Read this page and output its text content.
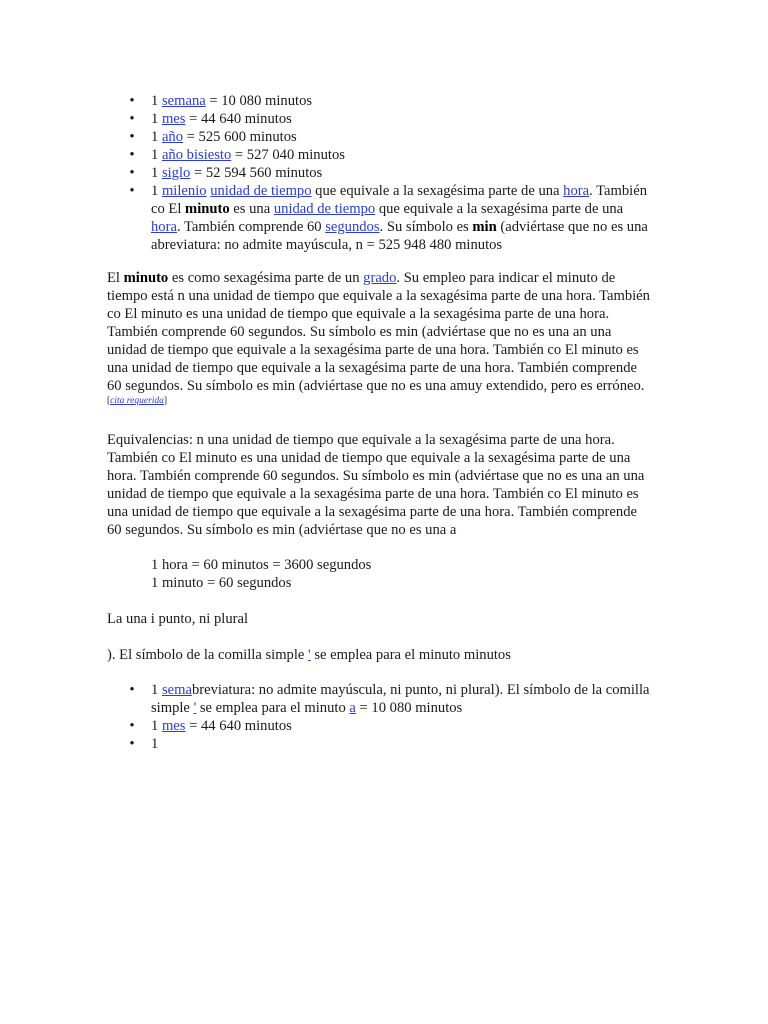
•
1 semana = 10 080 minutos
•
1 mes = 44 640 minutos
•
1 año = 525 600 minutos
•
1 año bisiesto = 527 040 minutos
•
1 siglo = 52 594 560 minutos
•
1 milenio unidad de tiempo que equivale a la sexagésima parte de una hora. También co El minuto es una unidad de tiempo que equivale a la sexagésima parte de una hora. También comprende 60 segundos. Su símbolo es min (adviértase que no es una abreviatura: no admite mayúscula, n = 525 948 480 minutos

El minuto es como sexagésima parte de un grado. Su empleo para indicar el minuto de tiempo está n una unidad de tiempo que equivale a la sexagésima parte de una hora. También co El minuto es una unidad de tiempo que equivale a la sexagésima parte de una hora. También comprende 60 segundos. Su símbolo es min (adviértase que no es una an una unidad de tiempo que equivale a la sexagésima parte de una hora. También co El minuto es una unidad de tiempo que equivale a la sexagésima parte de una hora. También comprende 60 segundos. Su símbolo es min (adviértase que no es una amuy extendido, pero es erróneo.[cita requerida]

Equivalencias: n una unidad de tiempo que equivale a la sexagésima parte de una hora. También co El minuto es una unidad de tiempo que equivale a la sexagésima parte de una hora. También comprende 60 segundos. Su símbolo es min (adviértase que no es una an una unidad de tiempo que equivale a la sexagésima parte de una hora. También co El minuto es una unidad de tiempo que equivale a la sexagésima parte de una hora. También comprende 60 segundos. Su símbolo es min (adviértase que no es una a

1 hora = 60 minutos = 3600 segundos

1 minuto = 60 segundos

La una i punto, ni plural

). El símbolo de la comilla simple ' se emplea para el minuto minutos

•
1 semabreviatura: no admite mayúscula, ni punto, ni plural). El símbolo de la comilla simple ' se emplea para el minuto a = 10 080 minutos
•
1 mes = 44 640 minutos
•
1
